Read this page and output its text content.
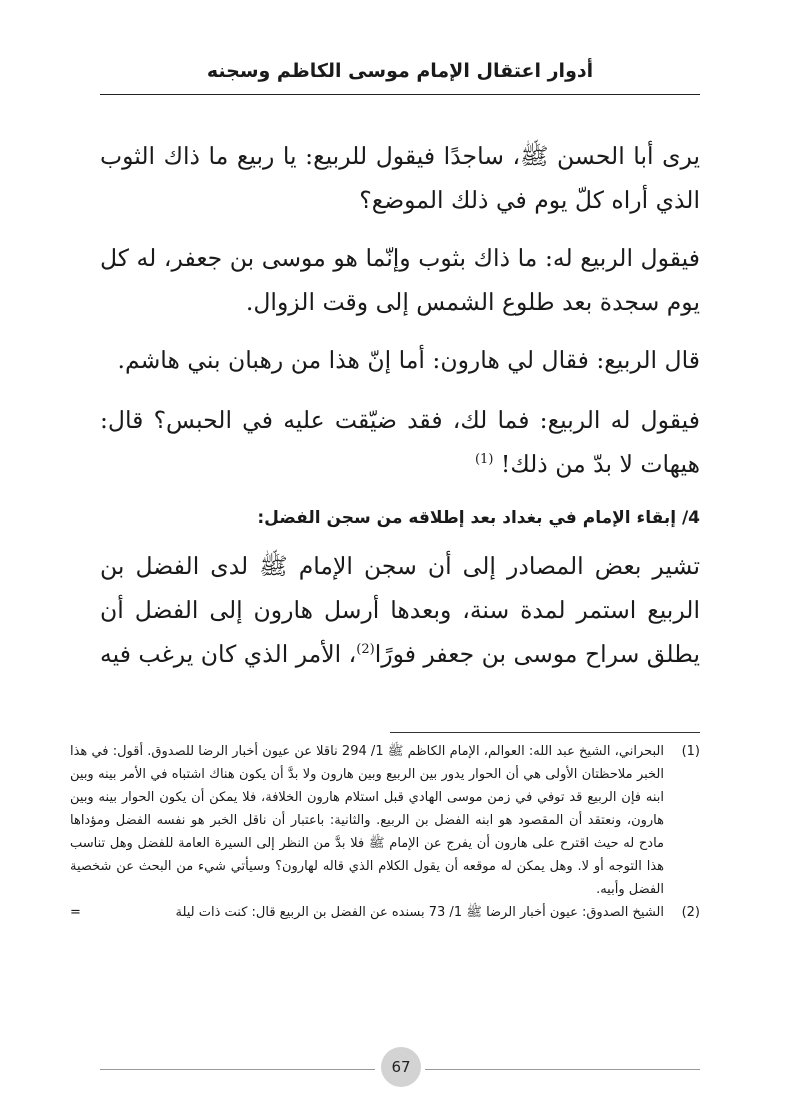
أدوار اعتقال الإمام موسى الكاظم وسجنه

يرى أبا الحسن ﷺ، ساجدًا فيقول للربيع: يا ربيع ما ذاك الثوب الذي أراه كلّ يوم في ذلك الموضع؟

فيقول الربيع له: ما ذاك بثوب وإنّما هو موسى بن جعفر، له كل يوم سجدة بعد طلوع الشمس إلى وقت الزوال.

قال الربيع: فقال لي هارون: أما إنّ هذا من رهبان بني هاشم.

فيقول له الربيع: فما لك، فقد ضيّقت عليه في الحبس؟ قال: هيهات لا بدّ من ذلك! $^{(1)}$

4/ إبقاء الإمام في بغداد بعد إطلاقه من سجن الفضل:

تشير بعض المصادر إلى أن سجن الإمام ﷺ لدى الفضل بن الربيع استمر لمدة سنة، وبعدها أرسل هارون إلى الفضل أن يطلق سراح موسى بن جعفر فورًا$^{(2)}$، الأمر الذي كان يرغب فيه

(1)
البحراني، الشيخ عبد الله: العوالم، الإمام الكاظم ﷺ 1/ 294 ناقلا عن عيون أخبار الرضا للصدوق. أقول: في هذا الخبر ملاحظتان الأولى هي أن الحوار يدور بين الربيع وبين هارون ولا بدَّ أن يكون هناك اشتباه في الأمر بينه وبين ابنه فإن الربيع قد توفي في زمن موسى الهادي قبل استلام هارون الخلافة، فلا يمكن أن يكون الحوار بينه وبين هارون، ونعتقد أن المقصود هو ابنه الفضل بن الربيع. والثانية: باعتبار أن ناقل الخبر هو نفسه الفضل ومؤداها مادح له حيث اقترح على هارون أن يفرج عن الإمام ﷺ فلا بدَّ من النظر إلى السيرة العامة للفضل وهل تناسب هذا التوجه أو لا. وهل يمكن له موقعه أن يقول الكلام الذي قاله لهارون؟ وسيأتي شيء من البحث عن شخصية الفضل وأبيه.
(2)
الشيخ الصدوق: عيون أخبار الرضا ﷺ 1/ 73 بسنده عن الفضل بن الربيع قال: كنت ذات ليلة
=
67
